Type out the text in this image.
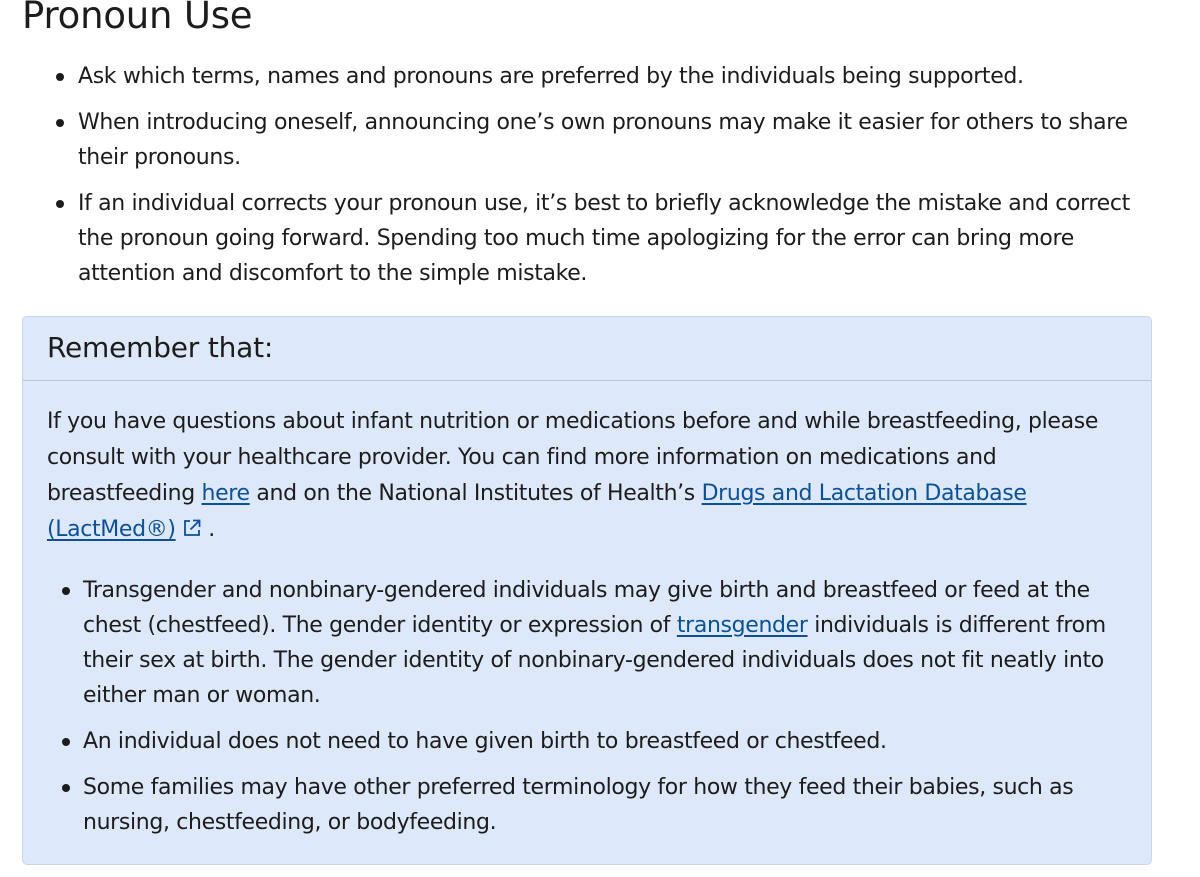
Pronoun Use
Ask which terms, names and pronouns are preferred by the individuals being supported.
When introducing oneself, announcing one’s own pronouns may make it easier for others to share their pronouns.
If an individual corrects your pronoun use, it’s best to briefly acknowledge the mistake and correct the pronoun going forward. Spending too much time apologizing for the error can bring more attention and discomfort to the simple mistake.
Remember that:

If you have questions about infant nutrition or medications before and while breastfeeding, please consult with your healthcare provider. You can find more information on medications and breastfeeding here and on the National Institutes of Health’s Drugs and Lactation Database (LactMed®) .

Transgender and nonbinary-gendered individuals may give birth and breastfeed or feed at the chest (chestfeed). The gender identity or expression of transgender individuals is different from their sex at birth. The gender identity of nonbinary-gendered individuals does not fit neatly into either man or woman.
An individual does not need to have given birth to breastfeed or chestfeed.
Some families may have other preferred terminology for how they feed their babies, such as nursing, chestfeeding, or bodyfeeding.
